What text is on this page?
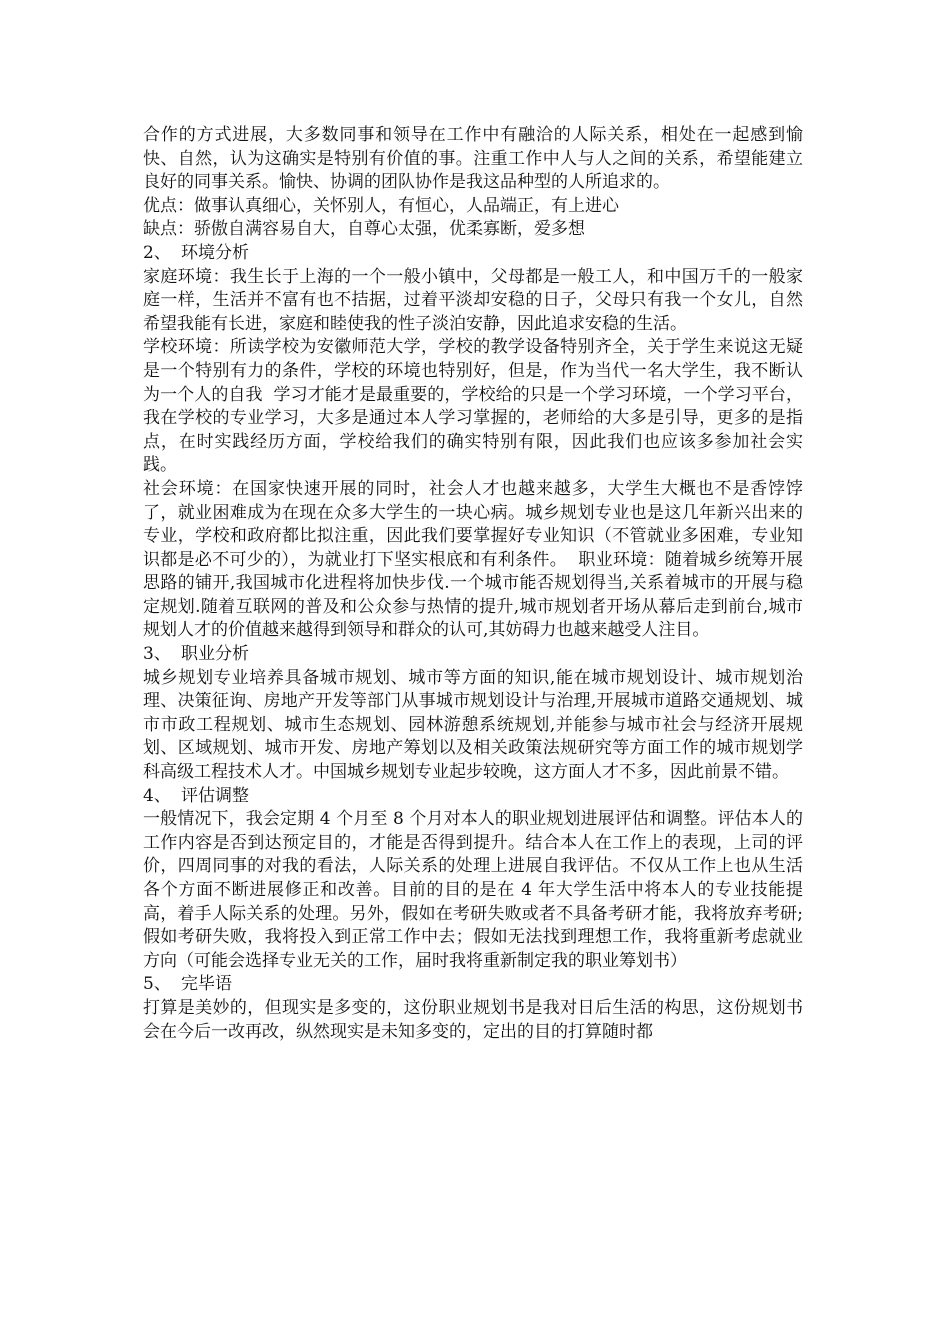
合作的方式进展，大多数同事和领导在工作中有融洽的人际关系，相处在一起感到愉快、自然，认为这确实是特别有价值的事。注重工作中人与人之间的关系，希望能建立良好的同事关系。愉快、协调的团队协作是我这品种型的人所追求的。

优点：做事认真细心，关怀别人，有恒心，人品端正，有上进心

缺点：骄傲自满容易自大，自尊心太强，优柔寡断，爱多想

2、 环境分析

家庭环境：我生长于上海的一个一般小镇中，父母都是一般工人，和中国万千的一般家庭一样，生活并不富有也不拮据，过着平淡却安稳的日子，父母只有我一个女儿，自然希望我能有长进，家庭和睦使我的性子淡泊安静，因此追求安稳的生活。

学校环境：所读学校为安徽师范大学，学校的教学设备特别齐全，关于学生来说这无疑是一个特别有力的条件，学校的环境也特别好，但是，作为当代一名大学生，我不断认为一个人的自我  学习才能才是最重要的，学校给的只是一个学习环境，一个学习平台，我在学校的专业学习，大多是通过本人学习掌握的，老师给的大多是引导，更多的是指点，在时实践经历方面，学校给我们的确实特别有限，因此我们也应该多参加社会实践。

社会环境：在国家快速开展的同时，社会人才也越来越多，大学生大概也不是香饽饽了，就业困难成为在现在众多大学生的一块心病。城乡规划专业也是这几年新兴出来的专业，学校和政府都比拟注重，因此我们要掌握好专业知识（不管就业多困难，专业知识都是必不可少的），为就业打下坚实根底和有利条件。  职业环境：随着城乡统筹开展思路的铺开,我国城市化进程将加快步伐.一个城市能否规划得当,关系着城市的开展与稳定规划.随着互联网的普及和公众参与热情的提升,城市规划者开场从幕后走到前台,城市规划人才的价值越来越得到领导和群众的认可,其妨碍力也越来越受人注目。

3、 职业分析

城乡规划专业培养具备城市规划、城市等方面的知识,能在城市规划设计、城市规划治理、决策征询、房地产开发等部门从事城市规划设计与治理,开展城市道路交通规划、城市市政工程规划、城市生态规划、园林游憩系统规划,并能参与城市社会与经济开展规划、区域规划、城市开发、房地产筹划以及相关政策法规研究等方面工作的城市规划学科高级工程技术人才。中国城乡规划专业起步较晚，这方面人才不多，因此前景不错。

4、 评估调整

一般情况下，我会定期 4 个月至 8 个月对本人的职业规划进展评估和调整。评估本人的工作内容是否到达预定目的，才能是否得到提升。结合本人在工作上的表现，上司的评价，四周同事的对我的看法，人际关系的处理上进展自我评估。不仅从工作上也从生活各个方面不断进展修正和改善。目前的目的是在 4 年大学生活中将本人的专业技能提高，着手人际关系的处理。另外，假如在考研失败或者不具备考研才能，我将放弃考研;假如考研失败，我将投入到正常工作中去；假如无法找到理想工作，我将重新考虑就业方向（可能会选择专业无关的工作，届时我将重新制定我的职业筹划书）

5、 完毕语

打算是美妙的，但现实是多变的，这份职业规划书是我对日后生活的构思，这份规划书会在今后一改再改，纵然现实是未知多变的，定出的目的打算随时都
